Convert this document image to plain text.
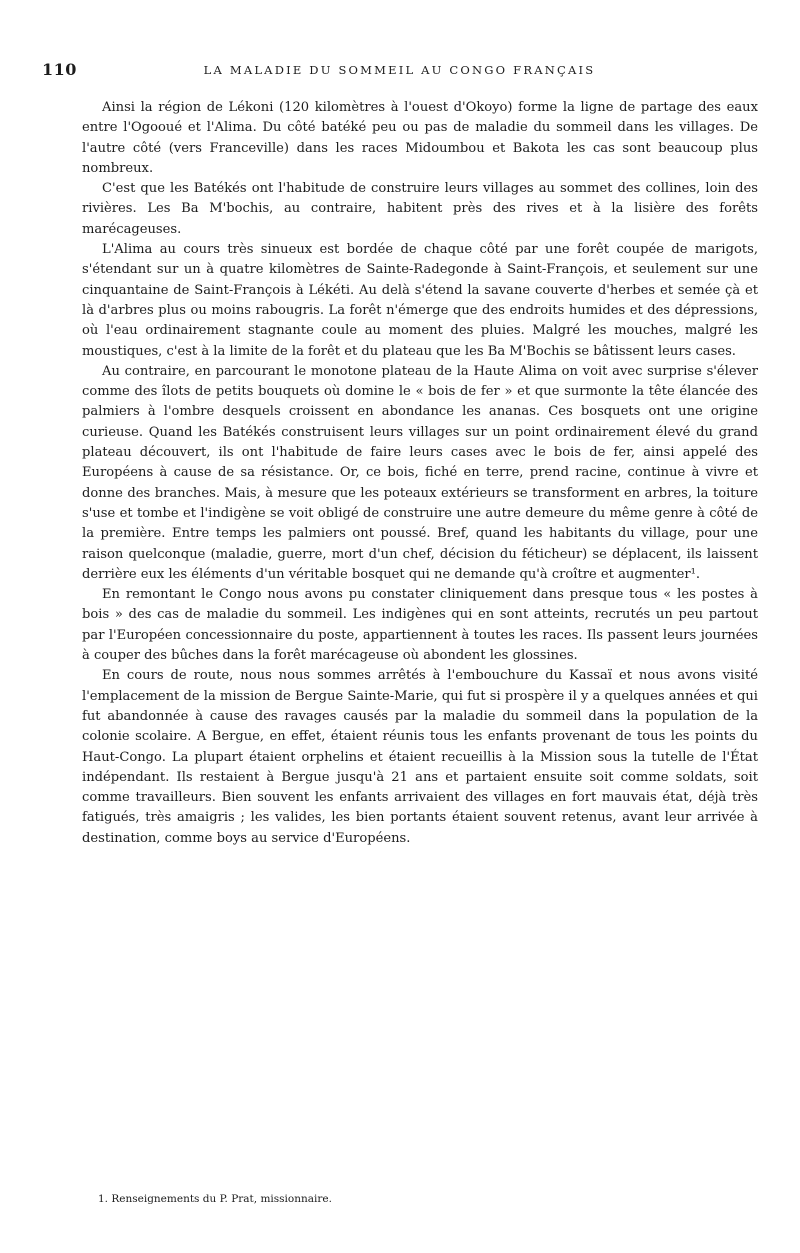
110	LA MALADIE DU SOMMEIL AU CONGO FRANÇAIS

Ainsi la région de Lékoni (120 kilomètres à l'ouest d'Okoyo) forme la ligne de partage des eaux entre l'Ogooué et l'Alima. Du côté batéké peu ou pas de maladie du sommeil dans les villages. De l'autre côté (vers Franceville) dans les races Midoumbou et Bakota les cas sont beaucoup plus nombreux.

C'est que les Batékés ont l'habitude de construire leurs villages au sommet des collines, loin des rivières. Les Ba M'bochis, au contraire, habitent près des rives et à la lisière des forêts marécageuses.

L'Alima au cours très sinueux est bordée de chaque côté par une forêt coupée de marigots, s'étendant sur un à quatre kilomètres de Sainte-Radegonde à Saint-François, et seulement sur une cinquantaine de Saint-François à Lékéti. Au delà s'étend la savane couverte d'herbes et semée çà et là d'arbres plus ou moins rabougris. La forêt n'émerge que des endroits humides et des dépressions, où l'eau ordinairement stagnante coule au moment des pluies. Malgré les mouches, malgré les moustiques, c'est à la limite de la forêt et du plateau que les Ba M'Bochis se bâtissent leurs cases.

Au contraire, en parcourant le monotone plateau de la Haute Alima on voit avec surprise s'élever comme des îlots de petits bouquets où domine le « bois de fer » et que surmonte la tête élancée des palmiers à l'ombre desquels croissent en abondance les ananas. Ces bosquets ont une origine curieuse. Quand les Batékés construisent leurs villages sur un point ordinairement élevé du grand plateau découvert, ils ont l'habitude de faire leurs cases avec le bois de fer, ainsi appelé des Européens à cause de sa résistance. Or, ce bois, fiché en terre, prend racine, continue à vivre et donne des branches. Mais, à mesure que les poteaux extérieurs se transforment en arbres, la toiture s'use et tombe et l'indigène se voit obligé de construire une autre demeure du même genre à côté de la première. Entre temps les palmiers ont poussé. Bref, quand les habitants du village, pour une raison quelconque (maladie, guerre, mort d'un chef, décision du féticheur) se déplacent, ils laissent derrière eux les éléments d'un véritable bosquet qui ne demande qu'à croître et augmenter¹.

En remontant le Congo nous avons pu constater cliniquement dans presque tous « les postes à bois » des cas de maladie du sommeil. Les indigènes qui en sont atteints, recrutés un peu partout par l'Européen concessionnaire du poste, appartiennent à toutes les races. Ils passent leurs journées à couper des bûches dans la forêt marécageuse où abondent les glossines.

En cours de route, nous nous sommes arrêtés à l'embouchure du Kassaï et nous avons visité l'emplacement de la mission de Bergue Sainte-Marie, qui fut si prospère il y a quelques années et qui fut abandonnée à cause des ravages causés par la maladie du sommeil dans la population de la colonie scolaire. A Bergue, en effet, étaient réunis tous les enfants provenant de tous les points du Haut-Congo. La plupart étaient orphelins et étaient recueillis à la Mission sous la tutelle de l'État indépendant. Ils restaient à Bergue jusqu'à 21 ans et partaient ensuite soit comme soldats, soit comme travailleurs. Bien souvent les enfants arrivaient des villages en fort mauvais état, déjà très fatigués, très amaigris ; les valides, les bien portants étaient souvent retenus, avant leur arrivée à destination, comme boys au service d'Européens.

1. Renseignements du P. Prat, missionnaire.
